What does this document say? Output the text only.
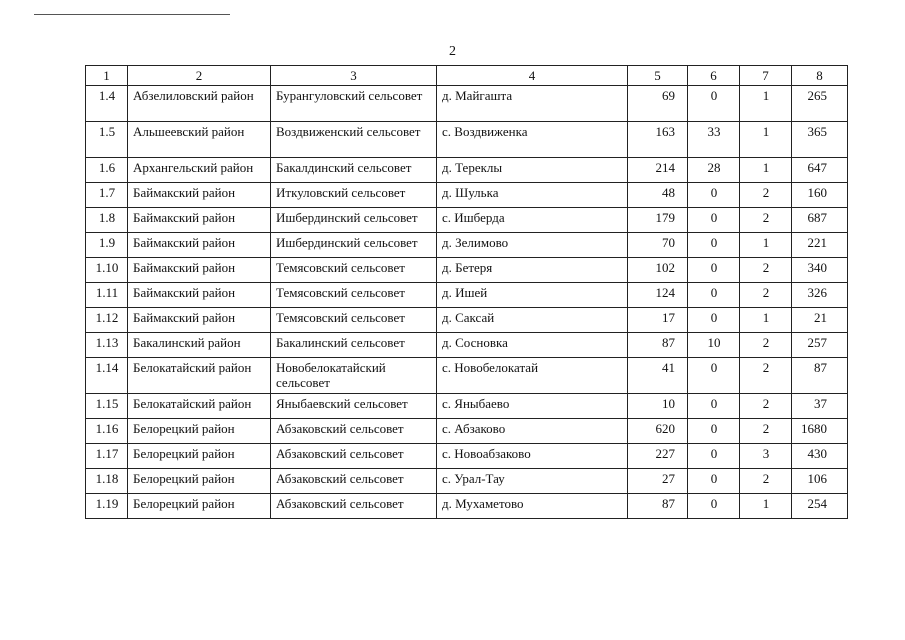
2
1	2	3	4	5	6	7	8
1.4	Абзелиловский район	Бурангуловский сельсовет	д. Майгашта	69	0	1	265
1.5	Альшеевский район	Воздвиженский сельсовет	с. Воздвиженка	163	33	1	365
1.6	Архангельский район	Бакалдинский сельсовет	д. Тереклы	214	28	1	647
1.7	Баймакский район	Иткуловский сельсовет	д. Шулька	48	0	2	160
1.8	Баймакский район	Ишбердинский сельсовет	с. Ишберда	179	0	2	687
1.9	Баймакский район	Ишбердинский сельсовет	д. Зелимово	70	0	1	221
1.10	Баймакский район	Темясовский сельсовет	д. Бетеря	102	0	2	340
1.11	Баймакский район	Темясовский сельсовет	д. Ишей	124	0	2	326
1.12	Баймакский район	Темясовский сельсовет	д. Саксай	17	0	1	21
1.13	Бакалинский район	Бакалинский сельсовет	д. Сосновка	87	10	2	257
1.14	Белокатайский район	Новобелокатайский сельсовет	с. Новобелокатай	41	0	2	87
1.15	Белокатайский район	Яныбаевский сельсовет	с. Яныбаево	10	0	2	37
1.16	Белорецкий район	Абзаковский сельсовет	с. Абзаково	620	0	2	1680
1.17	Белорецкий район	Абзаковский сельсовет	с. Новоабзаково	227	0	3	430
1.18	Белорецкий район	Абзаковский сельсовет	с. Урал-Тау	27	0	2	106
1.19	Белорецкий район	Абзаковский сельсовет	д. Мухаметово	87	0	1	254
